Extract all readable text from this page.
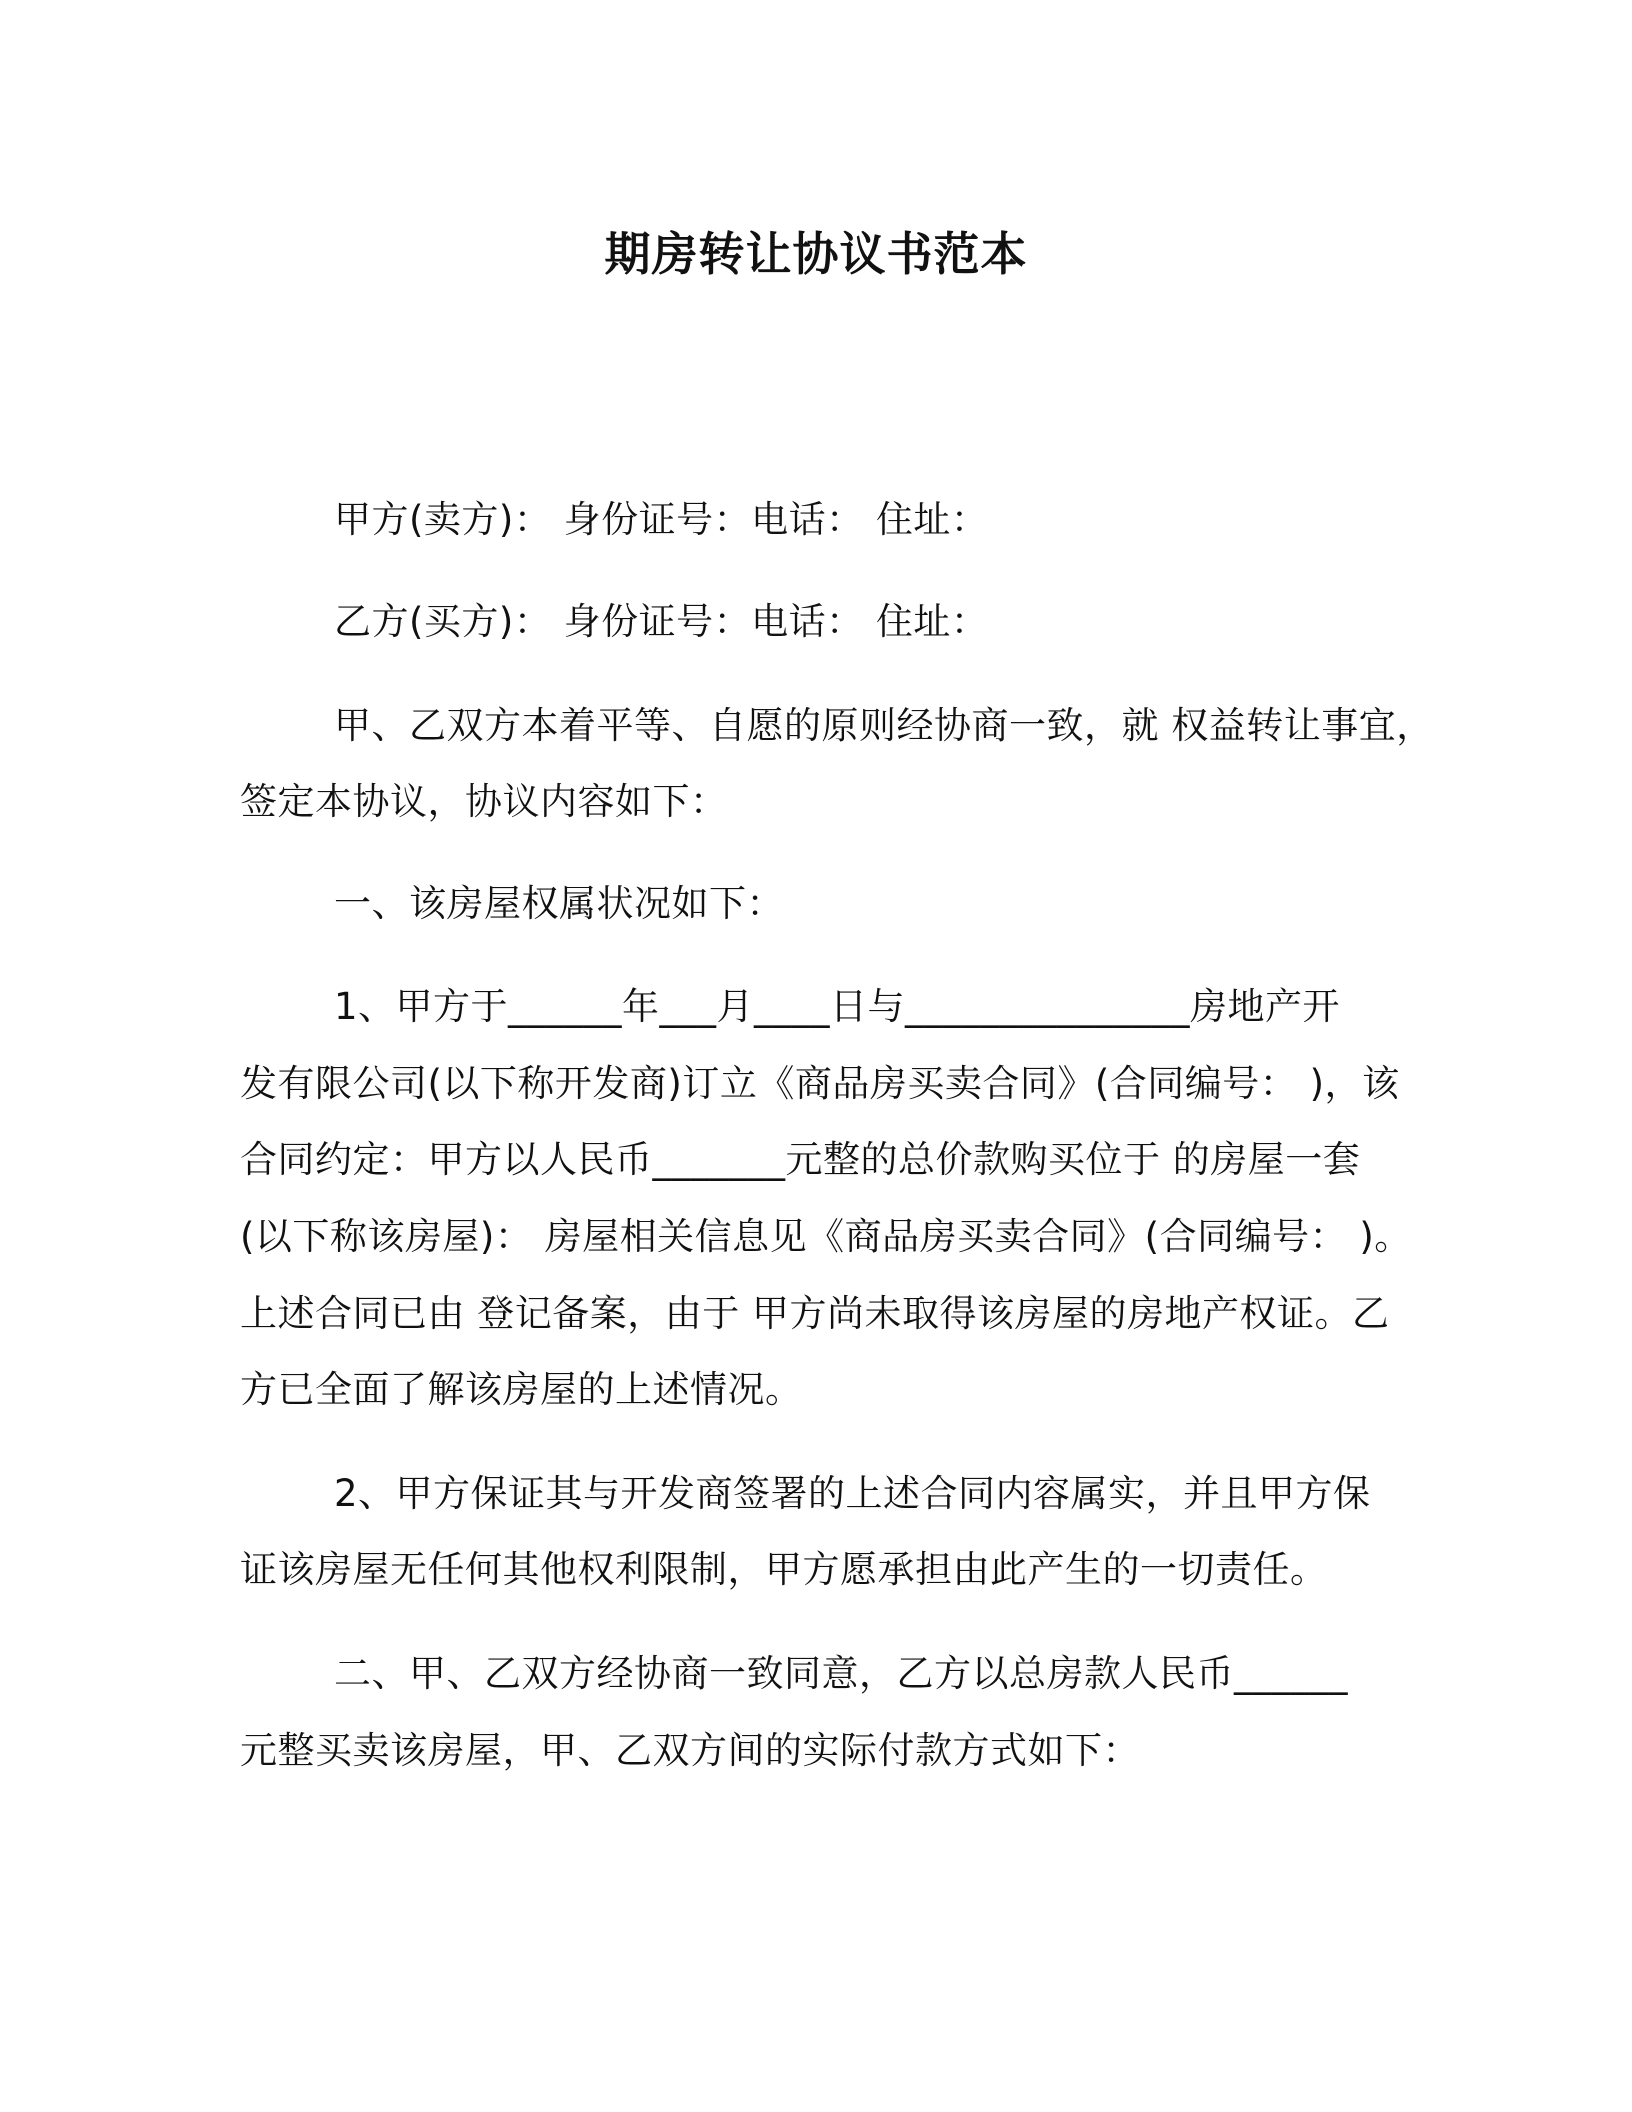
期房转让协议书范本
甲方(卖方)： 身份证号：电话： 住址：
乙方(买方)： 身份证号：电话： 住址：
甲、乙双方本着平等、自愿的原则经协商一致，就 权益转让事宜，
签定本协议，协议内容如下：
一、该房屋权属状况如下：
1、甲方于______年___月____日与_______________房地产开
发有限公司(以下称开发商)订立《商品房买卖合同》(合同编号： )，该
合同约定：甲方以人民币_______元整的总价款购买位于 的房屋一套
(以下称该房屋)： 房屋相关信息见《商品房买卖合同》(合同编号： )。
上述合同已由 登记备案，由于 甲方尚未取得该房屋的房地产权证。乙
方已全面了解该房屋的上述情况。
2、甲方保证其与开发商签署的上述合同内容属实，并且甲方保
证该房屋无任何其他权利限制，甲方愿承担由此产生的一切责任。
二、甲、乙双方经协商一致同意，乙方以总房款人民币______
元整买卖该房屋，甲、乙双方间的实际付款方式如下：
